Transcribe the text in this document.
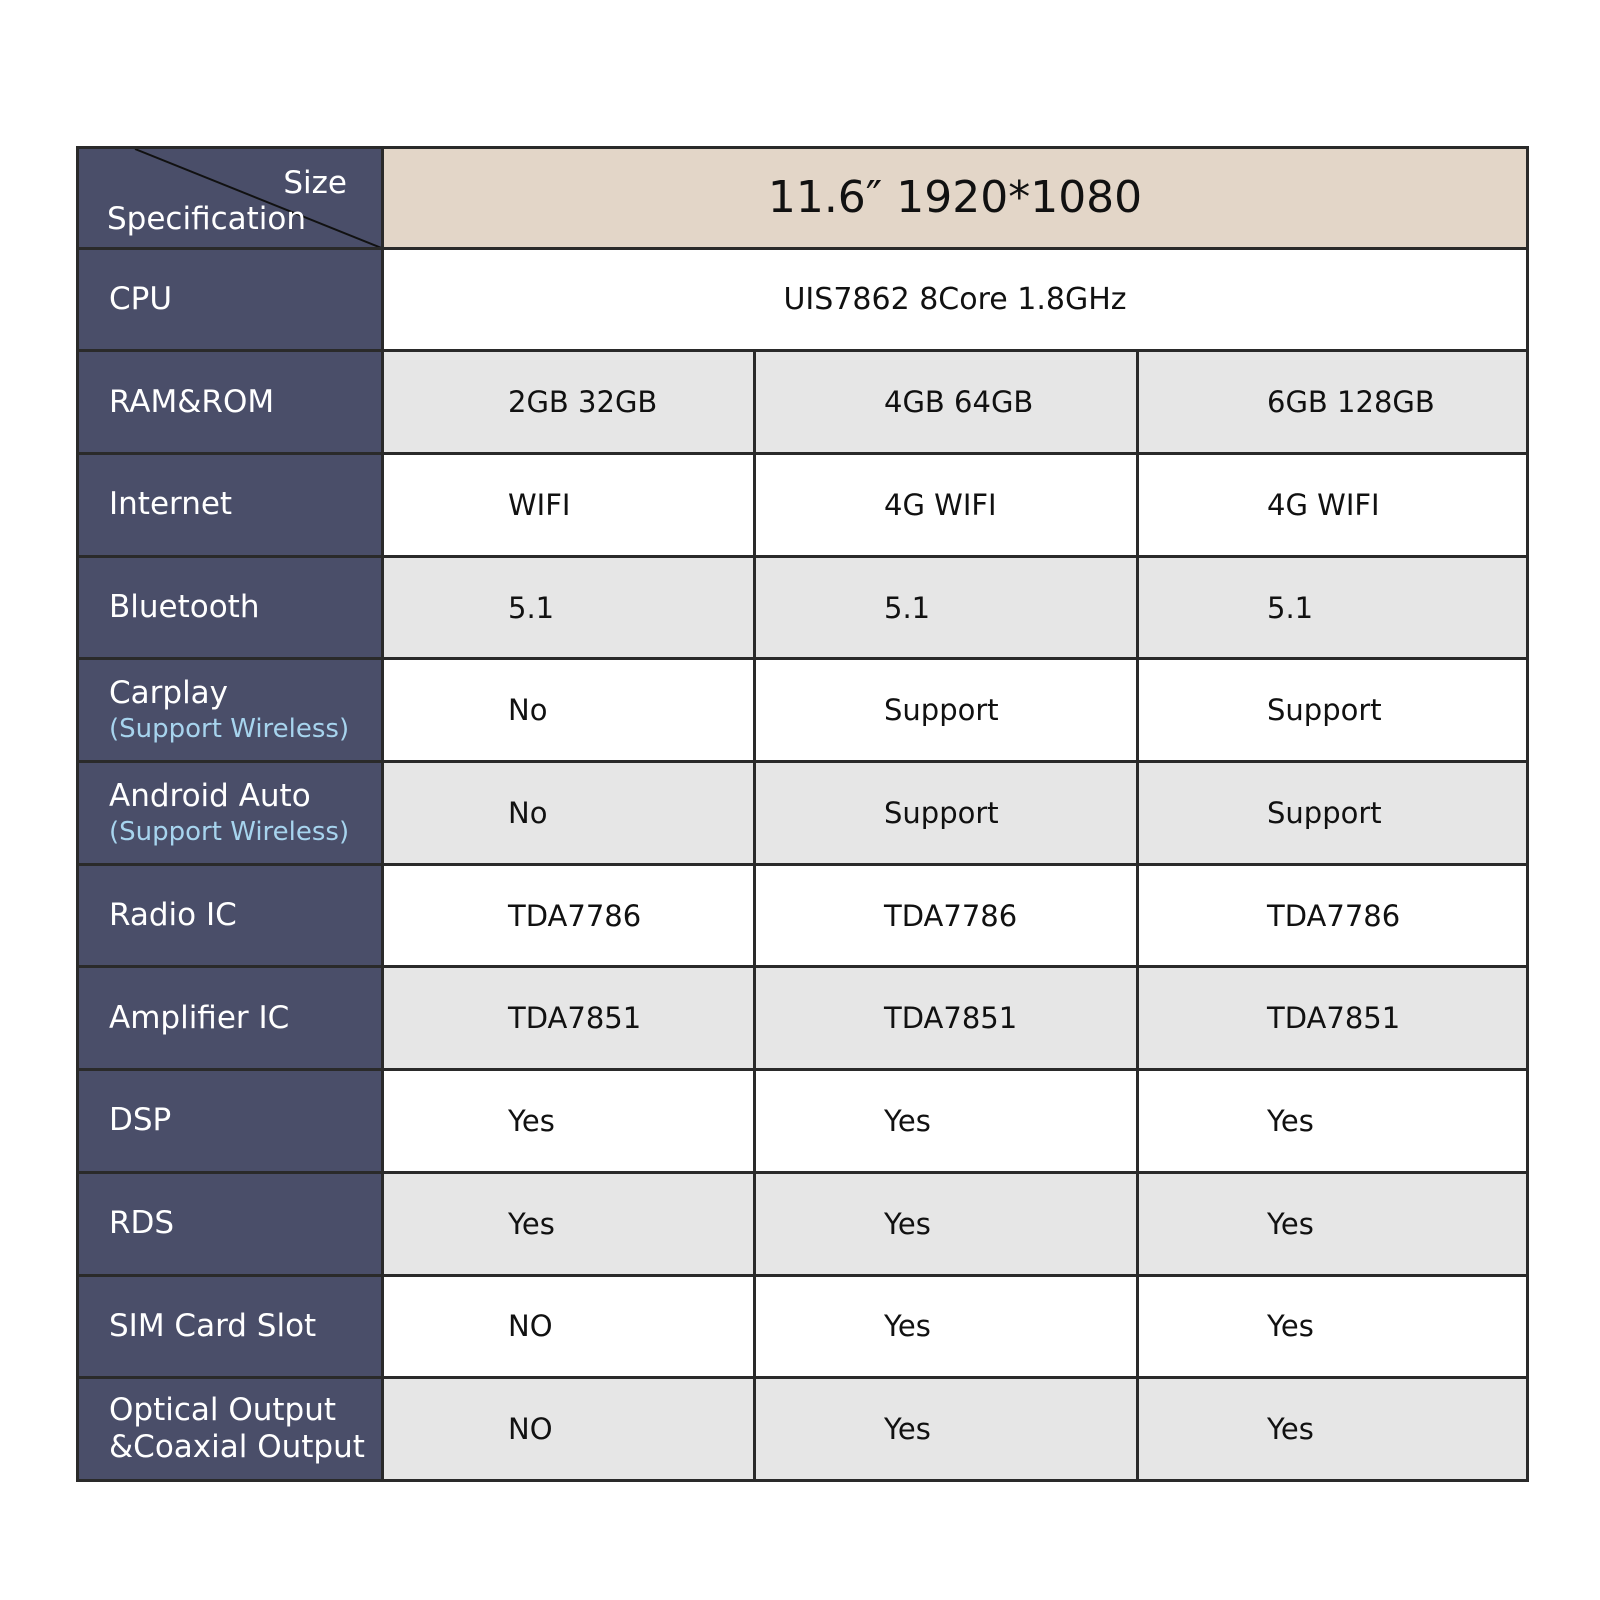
Size
Specification	11.6″ 1920*1080		
CPU	UIS7862 8Core 1.8GHz		
RAM&ROM	2GB 32GB	4GB 64GB	6GB 128GB
Internet	WIFI	4G WIFI	4G WIFI
Bluetooth	5.1	5.1	5.1
Carplay
(Support Wireless)	No	Support	Support
Android Auto
(Support Wireless)	No	Support	Support
Radio IC	TDA7786	TDA7786	TDA7786
Amplifier IC	TDA7851	TDA7851	TDA7851
DSP	Yes	Yes	Yes
RDS	Yes	Yes	Yes
SIM Card Slot	NO	Yes	Yes
Optical Output
&Coaxial Output	NO	Yes	Yes
